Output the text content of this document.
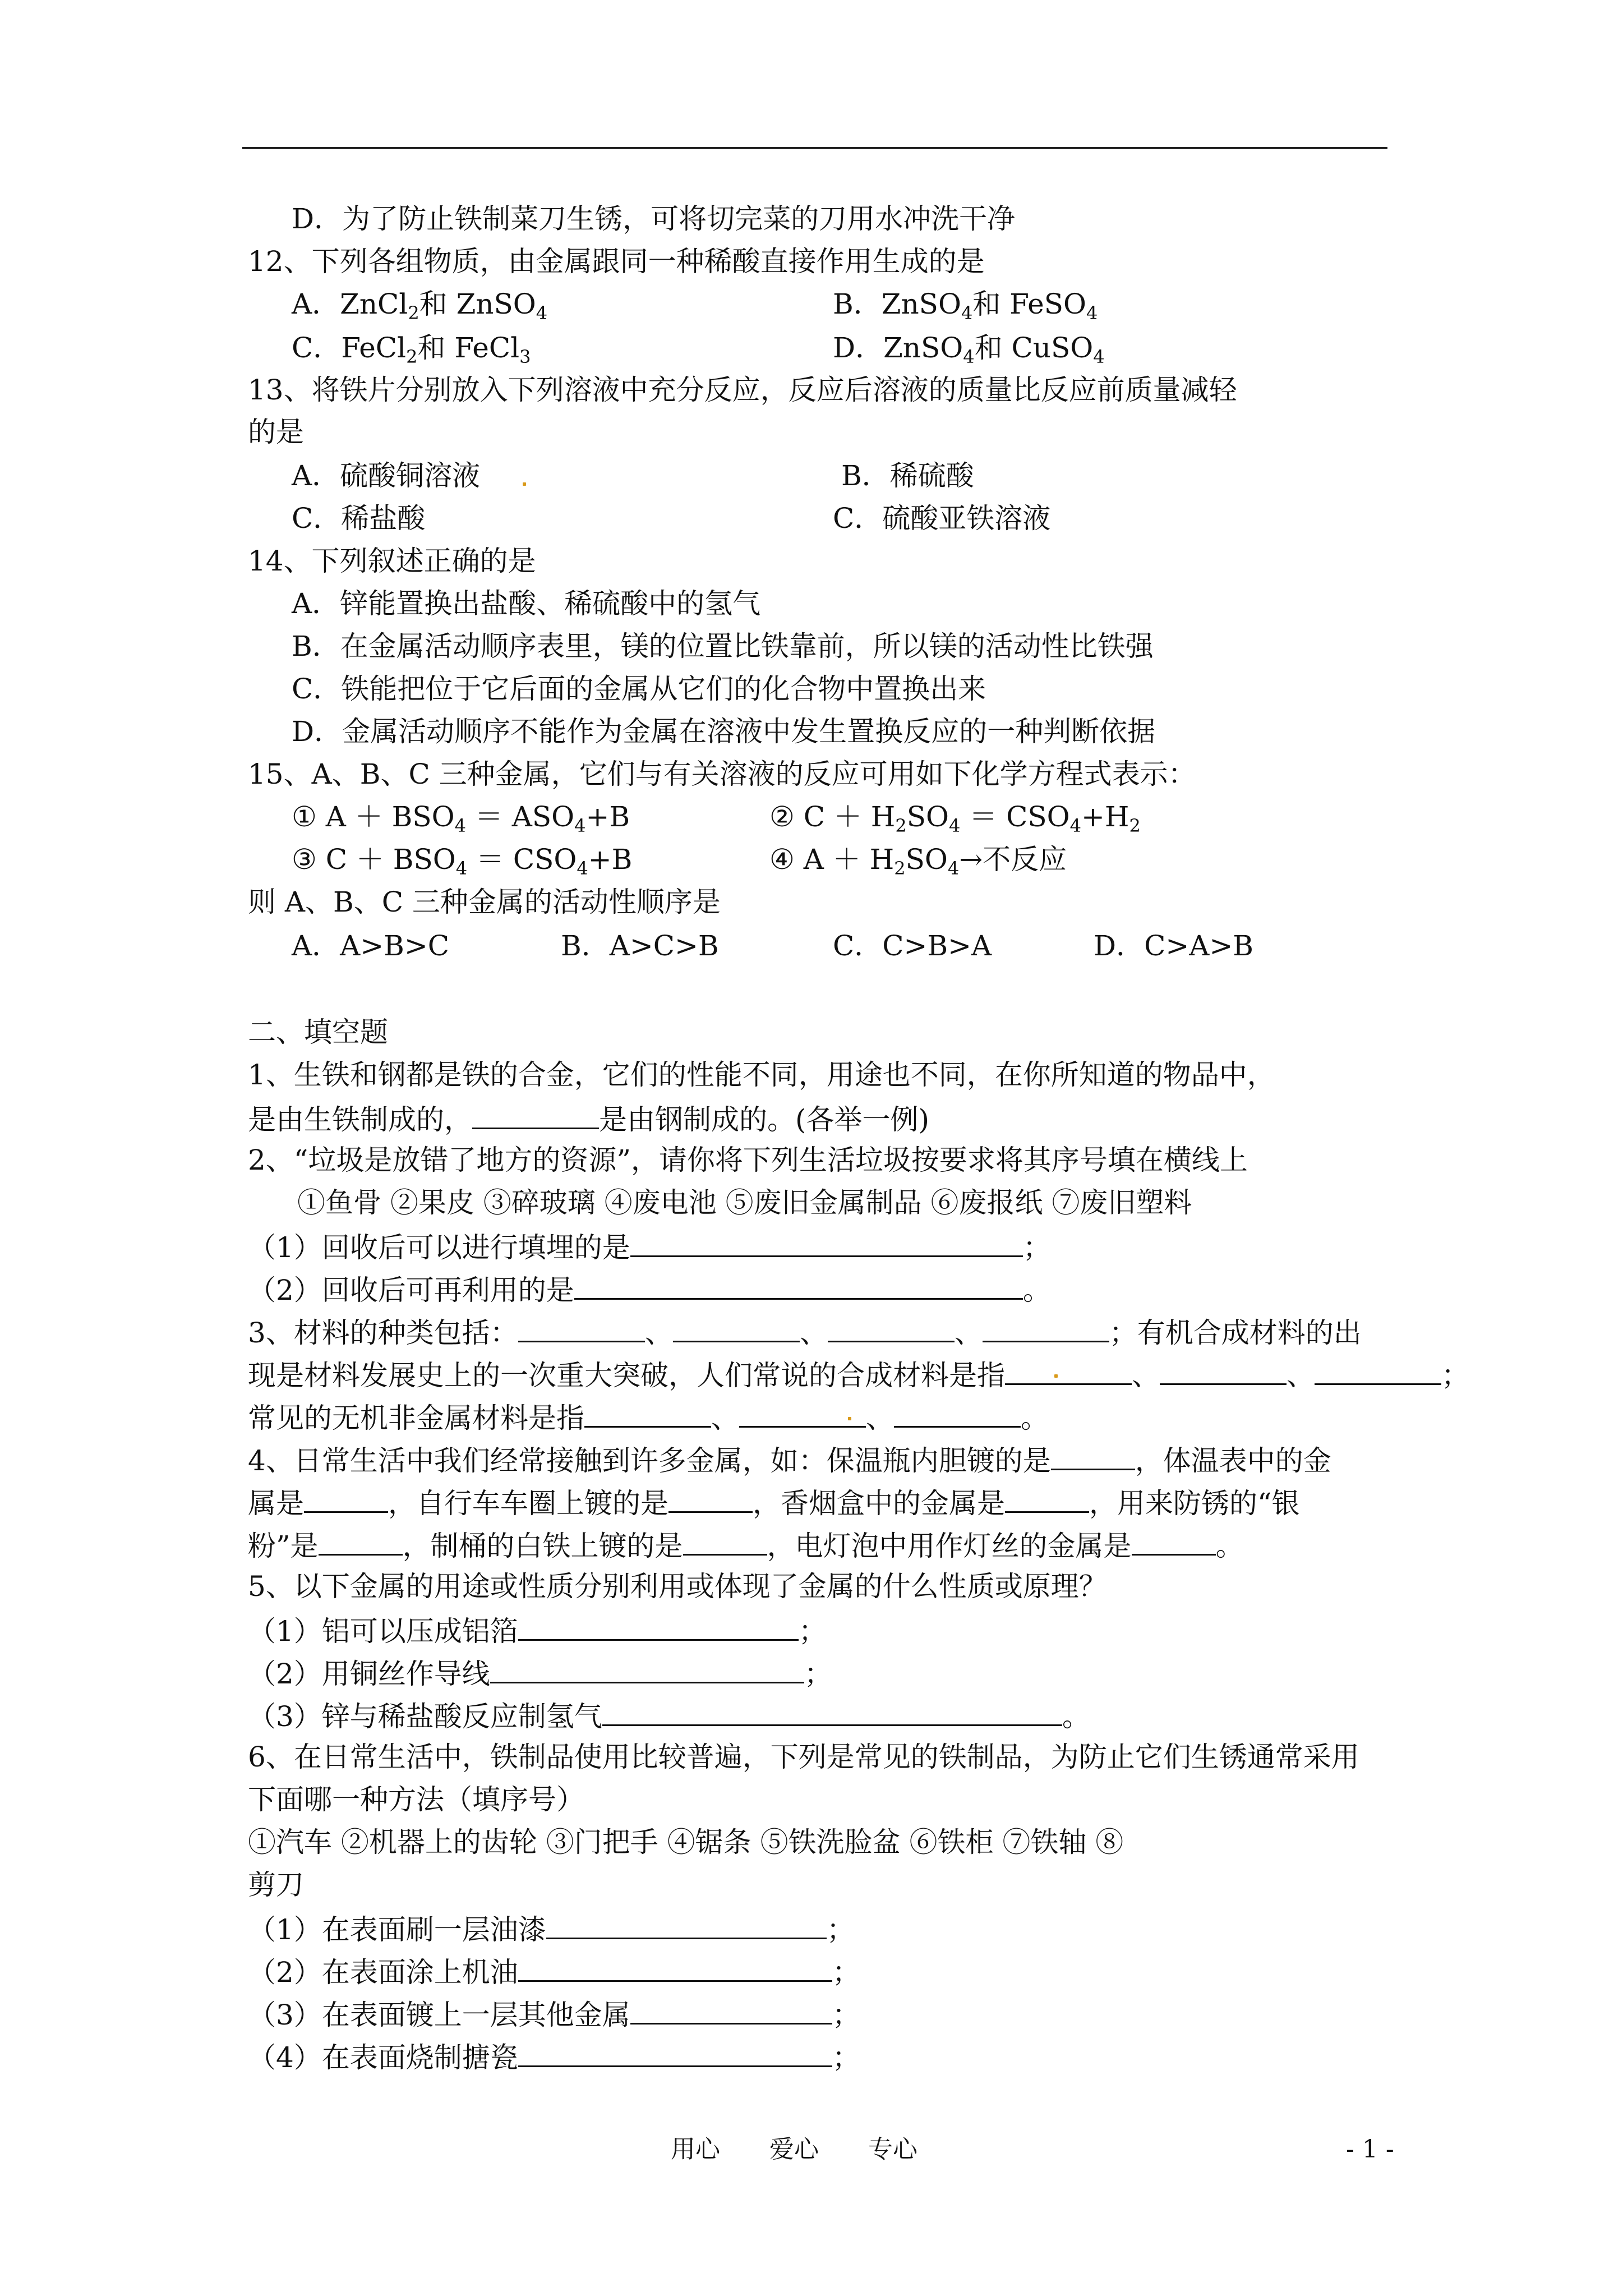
D．为了防止铁制菜刀生锈，可将切完菜的刀用水冲洗干净
12、下列各组物质，由金属跟同一种稀酸直接作用生成的是
A．ZnCl$_2$和 ZnSO$_4$	B．ZnSO$_4$和 FeSO$_4$
C．FeCl$_2$和 FeCl$_3$	D．ZnSO$_4$和 CuSO$_4$
13、将铁片分别放入下列溶液中充分反应，反应后溶液的质量比反应前质量减轻
的是
A．硫酸铜溶液	B．稀硫酸
C．稀盐酸	C．硫酸亚铁溶液
14、下列叙述正确的是
A．锌能置换出盐酸、稀硫酸中的氢气
B．在金属活动顺序表里，镁的位置比铁靠前，所以镁的活动性比铁强
C．铁能把位于它后面的金属从它们的化合物中置换出来
D．金属活动顺序不能作为金属在溶液中发生置换反应的一种判断依据
15、A、B、C 三种金属，它们与有关溶液的反应可用如下化学方程式表示：
① $A + BSO_4 = ASO_4+B$	② $C + H_2SO_4 = CSO_4+H_2$
③ $C + BSO_4 = CSO_4+B$	④ $A + H_2SO_4\to$不反应
则 A、B、C 三种金属的活动性顺序是
A．A>B>C	B．A>C>B	C．C>B>A	D．C>A>B
二、填空题
1、生铁和钢都是铁的合金，它们的性能不同，用途也不同，在你所知道的物品中，
是由生铁制成的，	是由钢制成的。(各举一例)
2、“垃圾是放错了地方的资源”，请你将下列生活垃圾按要求将其序号填在横线上
①鱼骨 ②果皮 ③碎玻璃 ④废电池 ⑤废旧金属制品 ⑥废报纸 ⑦废旧塑料
（1）回收后可以进行填埋的是	；
（2）回收后可再利用的是	。
3、材料的种类包括：	、	、	、	；有机合成材料的出
现是材料发展史上的一次重大突破，人们常说的合成材料是指	、	、	；
常见的无机非金属材料是指	、	、	。
4、日常生活中我们经常接触到许多金属，如：保温瓶内胆镀的是	，体温表中的金
属是	，自行车车圈上镀的是	，香烟盒中的金属是	，用来防锈的“银
粉”是	，制桶的白铁上镀的是	，电灯泡中用作灯丝的金属是	。
5、以下金属的用途或性质分别利用或体现了金属的什么性质或原理？
（1）铝可以压成铝箔	；
（2）用铜丝作导线	；
（3）锌与稀盐酸反应制氢气	。
6、在日常生活中，铁制品使用比较普遍，下列是常见的铁制品，为防止它们生锈通常采用
下面哪一种方法（填序号）
①汽车 ②机器上的齿轮 ③门把手 ④锯条 ⑤铁洗脸盆 ⑥铁柜 ⑦铁轴 ⑧
剪刀
（1）在表面刷一层油漆	；
（2）在表面涂上机油	；
（3）在表面镀上一层其他金属	；
（4）在表面烧制搪瓷	；
用心 爱心 专心	- 1 -
